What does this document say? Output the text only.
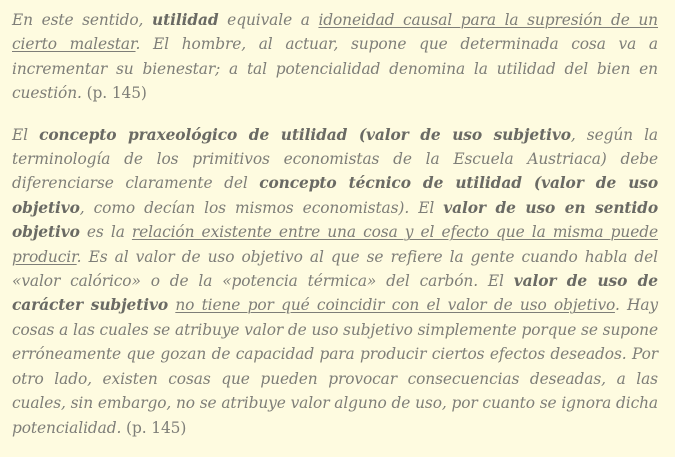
En este sentido, utilidad equivale a idoneidad causal para la supresión de un cierto malestar. El hombre, al actuar, supone que determinada cosa va a incrementar su bienestar; a tal potencialidad denomina la utilidad del bien en cuestión. (p. 145)

El concepto praxeológico de utilidad (valor de uso subjetivo, según la terminología de los primitivos economistas de la Escuela Austriaca) debe diferenciarse claramente del concepto técnico de utilidad (valor de uso objetivo, como decían los mismos economistas). El valor de uso en sentido objetivo es la relación existente entre una cosa y el efecto que la misma puede producir. Es al valor de uso objetivo al que se refiere la gente cuando habla del «valor calórico» o de la «potencia térmica» del carbón. El valor de uso de carácter subjetivo no tiene por qué coincidir con el valor de uso objetivo. Hay cosas a las cuales se atribuye valor de uso subjetivo simplemente porque se supone erróneamente que gozan de capacidad para producir ciertos efectos deseados. Por otro lado, existen cosas que pueden provocar consecuencias deseadas, a las cuales, sin embargo, no se atribuye valor alguno de uso, por cuanto se ignora dicha potencialidad. (p. 145)
